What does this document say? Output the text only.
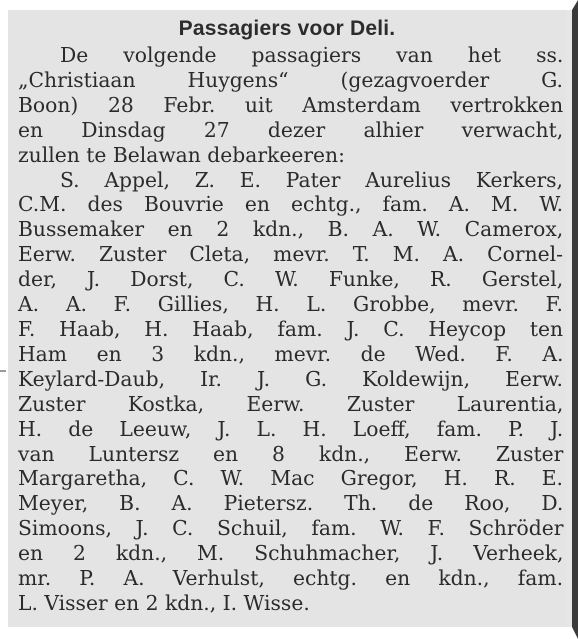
Passagiers voor Deli.
De volgende passagiers van het ss.
„Christiaan Huygens“ (gezagvoerder G.
Boon) 28 Febr. uit Amsterdam vertrokken
en Dinsdag 27 dezer alhier verwacht,
zullen te Belawan debarkeeren:
S. Appel, Z. E. Pater Aurelius Kerkers,
C.M. des Bouvrie en echtg., fam. A. M. W.
Bussemaker en 2 kdn., B. A. W. Camerox,
Eerw. Zuster Cleta, mevr. T. M. A. Cornel-
der, J. Dorst, C. W. Funke, R. Gerstel,
A. A. F. Gillies, H. L. Grobbe, mevr. F.
F. Haab, H. Haab, fam. J. C. Heycop ten
Ham en 3 kdn., mevr. de Wed. F. A.
Keylard-Daub, Ir. J. G. Koldewijn, Eerw.
Zuster Kostka, Eerw. Zuster Laurentia,
H. de Leeuw, J. L. H. Loeff, fam. P. J.
van Luntersz en 8 kdn., Eerw. Zuster
Margaretha, C. W. Mac Gregor, H. R. E.
Meyer, B. A. Pietersz. Th. de Roo, D.
Simoons, J. C. Schuil, fam. W. F. Schröder
en 2 kdn., M. Schuhmacher, J. Verheek,
mr. P. A. Verhulst, echtg. en kdn., fam.
L. Visser en 2 kdn., I. Wisse.
